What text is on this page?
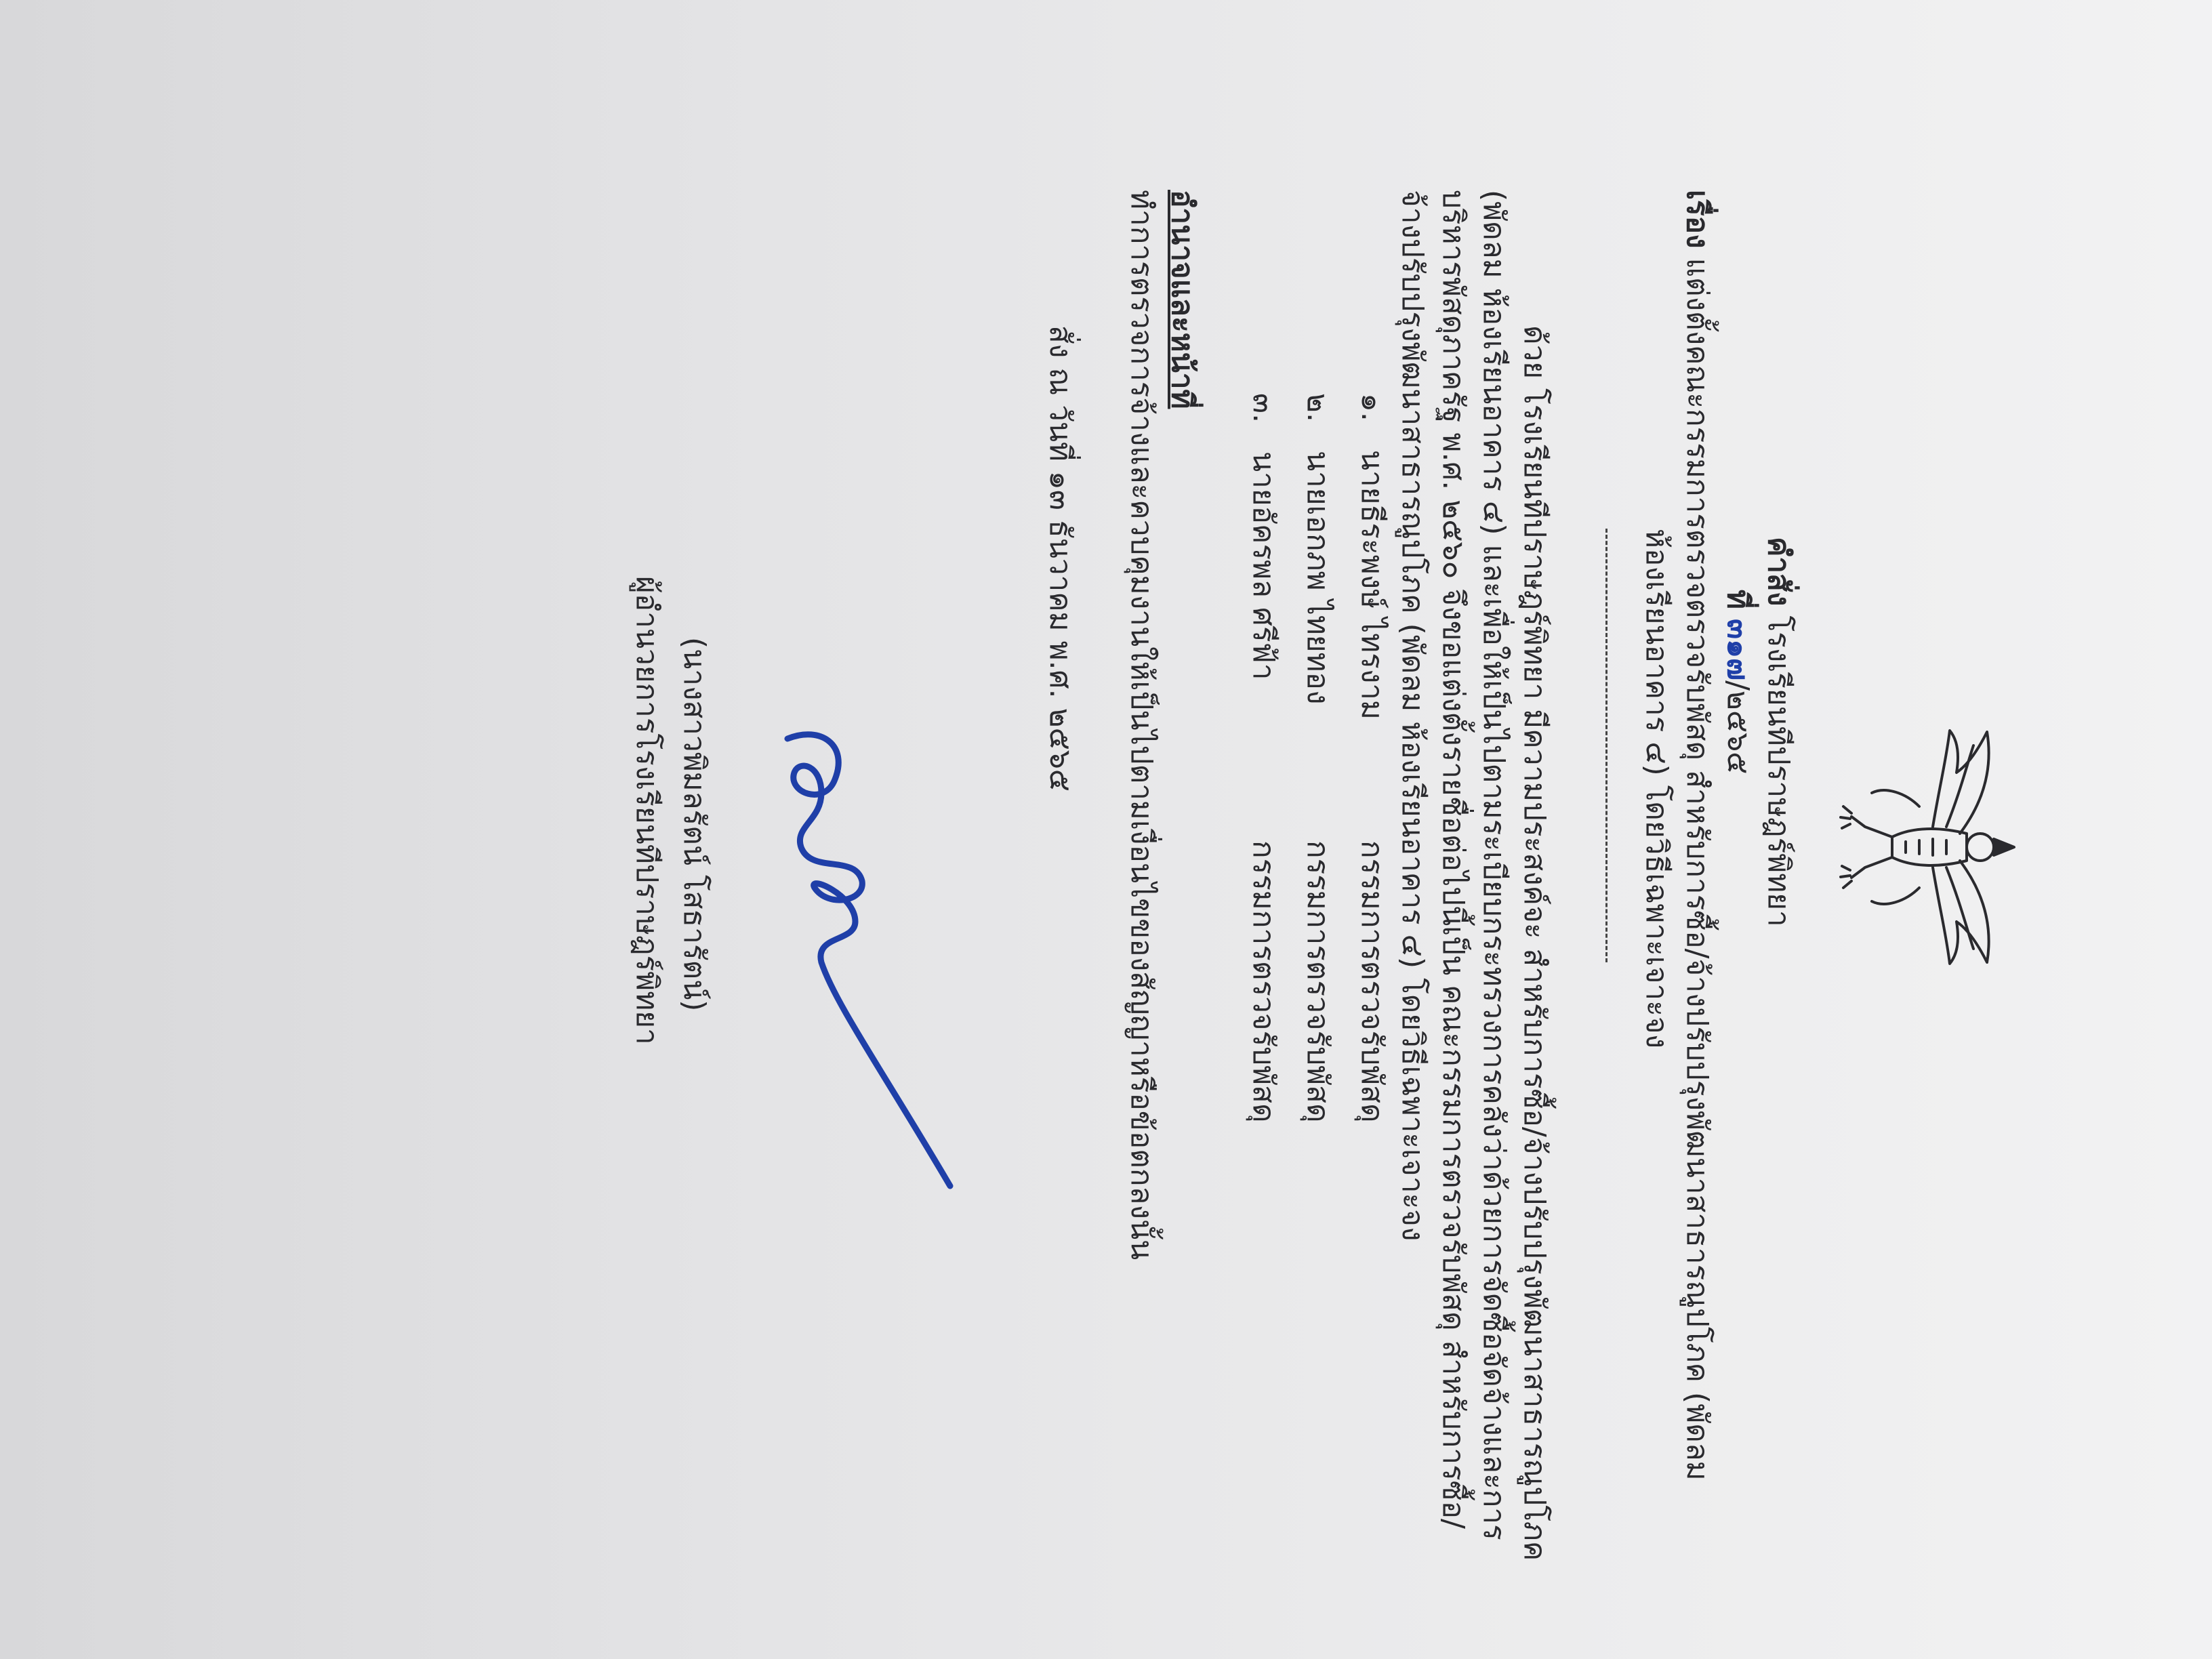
คำสั่ง โรงเรียนทีปราษฎร์พิทยา
ที่ ๓๑๗/๒๕๖๕
เรื่อง แต่งตั้งคณะกรรมการตรวจตรวจรับพัสดุ สำหรับการซื้อ/จ้างปรับปรุงพัฒนาสาธารณูปโภค (พัดลม
ห้องเรียนอาคาร ๔) โดยวิธีเฉพาะเจาะจง
ด้วย โรงเรียนทีปราษฎร์พิทยา มีความประสงค์จะ สำหรับการซื้อ/จ้างปรับปรุงพัฒนาสาธารณูปโภค
(พัดลม ห้องเรียนอาคาร ๔) และเพื่อให้เป็นไปตามระเบียบกระทรวงการคลังว่าด้วยการจัดซื้อจัดจ้างและการ
บริหารพัสดุภาครัฐ พ.ศ. ๒๕๖๐ จึงขอแต่งตั้งรายชื่อต่อไปนี้เป็น คณะกรรมการตรวจรับพัสดุ สำหรับการซื้อ/
จ้างปรับปรุงพัฒนาสาธารณูปโภค (พัดลม ห้องเรียนอาคาร ๔) โดยวิธีเฉพาะเจาะจง
๑.   นายธีระพงษ์ ไทรงาม
กรรมการตรวจรับพัสดุ
๒.   นายเอกภพ ไทยทอง
กรรมการตรวจรับพัสดุ
๓.   นายอัครพล ศรีฟ้า
กรรมการตรวจรับพัสดุ
อำนาจและหน้าที่
ทำการตรวจการจ้างและควบคุมงานให้เป็นไปตามเงื่อนไขของสัญญาหรือข้อตกลงนั้น
สั่ง ณ วันที่ ๑๓ ธันวาคม พ.ศ. ๒๕๖๕
(นางสาวพิมลรัตน์ โสธารัตน์)
ผู้อำนวยการโรงเรียนทีปราษฎร์พิทยา
